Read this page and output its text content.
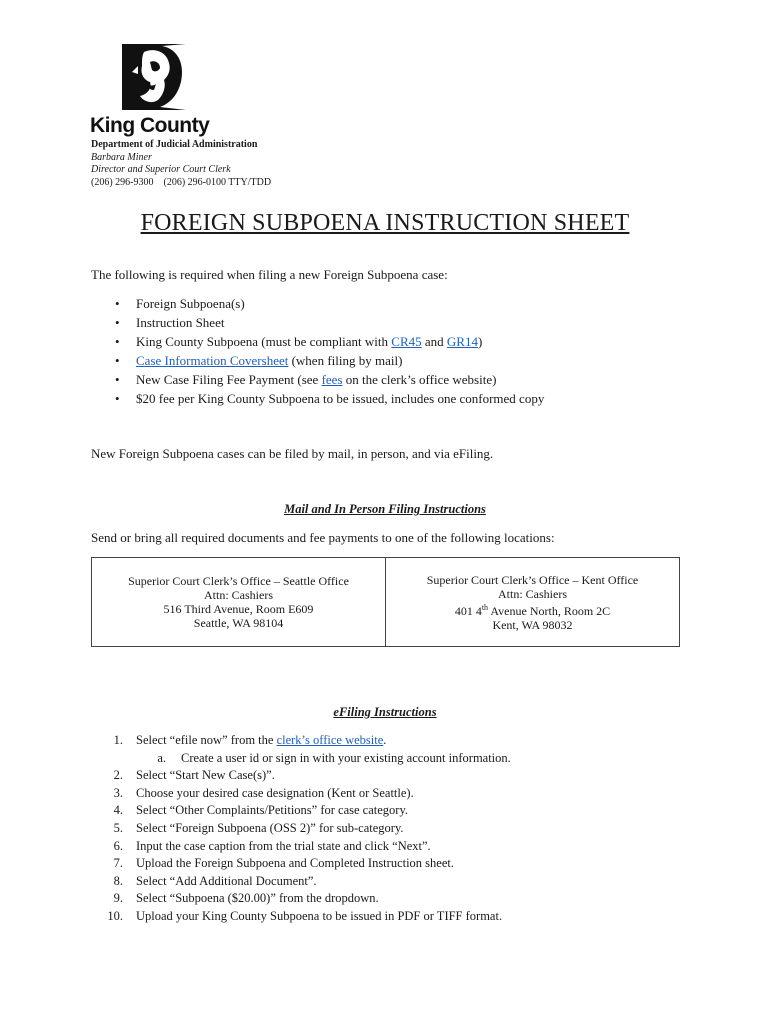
King County
Department of Judicial Administration
Barbara Miner
Director and Superior Court Clerk
(206) 296-9300    (206) 296-0100 TTY/TDD
FOREIGN SUBPOENA INSTRUCTION SHEET
The following is required when filing a new Foreign Subpoena case:
• Foreign Subpoena(s)
• Instruction Sheet
• King County Subpoena (must be compliant with CR45 and GR14)
• Case Information Coversheet (when filing by mail)
• New Case Filing Fee Payment (see fees on the clerk’s office website)
• $20 fee per King County Subpoena to be issued, includes one conformed copy
New Foreign Subpoena cases can be filed by mail, in person, and via eFiling.
Mail and In Person Filing Instructions
Send or bring all required documents and fee payments to one of the following locations:
Superior Court Clerk’s Office – Seattle Office
Attn: Cashiers
516 Third Avenue, Room E609
Seattle, WA 98104

Superior Court Clerk’s Office – Kent Office
Attn: Cashiers
401 4th Avenue North, Room 2C
Kent, WA 98032
eFiling Instructions
1. Select “efile now” from the clerk’s office website.
a. Create a user id or sign in with your existing account information.
2. Select “Start New Case(s)”.
3. Choose your desired case designation (Kent or Seattle).
4. Select “Other Complaints/Petitions” for case category.
5. Select “Foreign Subpoena (OSS 2)” for sub-category.
6. Input the case caption from the trial state and click “Next”.
7. Upload the Foreign Subpoena and Completed Instruction sheet.
8. Select “Add Additional Document”.
9. Select “Subpoena ($20.00)” from the dropdown.
10. Upload your King County Subpoena to be issued in PDF or TIFF format.
